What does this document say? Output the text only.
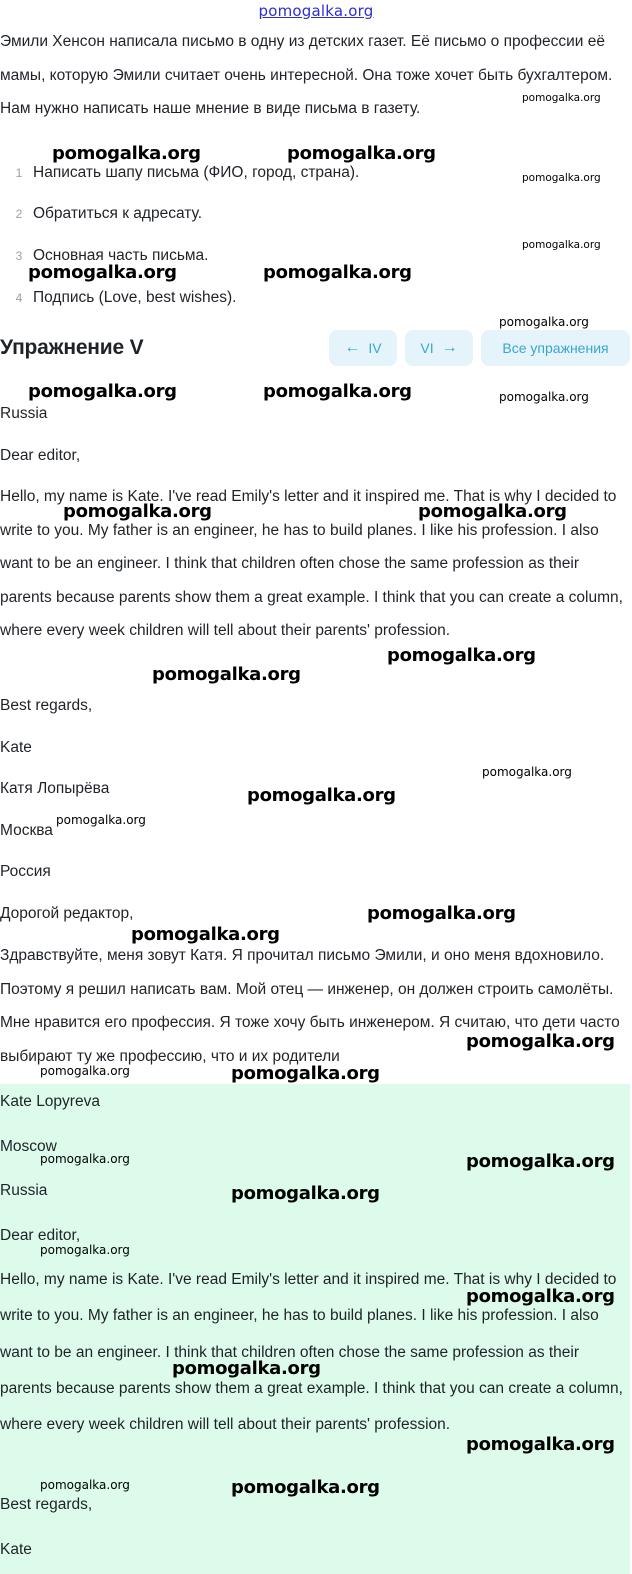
pomogalka.org

Эмили Хенсон написала письмо в одну из детских газет. Её письмо о профессии её мамы, которую Эмили считает очень интересной. Она тоже хочет быть бухгалтером. Нам нужно написать наше мнение в виде письма в газету.

1 Написать шапу письма (ФИО, город, страна).
2 Обратиться к адресату.
3 Основная часть письма.
4 Подпись (Love, best wishes).
Упражнение V	← IV	VI →	Все упражнения
Russia
Dear editor,

Hello, my name is Kate. I've read Emily's letter and it inspired me. That is why I decided to write to you. My father is an engineer, he has to build planes. I like his profession. I also want to be an engineer. I think that children often chose the same profession as their parents because parents show them a great example. I think that you can create a column, where every week children will tell about their parents' profession.

Best regards,
Kate
Катя Лопырёва
Москва
Россия
Дорогой редактор,

Здравствуйте, меня зовут Катя. Я прочитал письмо Эмили, и оно меня вдохновило. Поэтому я решил написать вам. Мой отец — инженер, он должен строить самолёты. Мне нравится его профессия. Я тоже хочу быть инженером. Я считаю, что дети часто выбирают ту же профессию, что и их родители

Kate Lopyreva
Moscow
Russia
Dear editor,

Hello, my name is Kate. I've read Emily's letter and it inspired me. That is why I decided to write to you. My father is an engineer, he has to build planes. I like his profession. I also want to be an engineer. I think that children often chose the same profession as their parents because parents show them a great example. I think that you can create a column, where every week children will tell about their parents' profession.

Best regards,
Kate
pomogalka.org	pomogalka.org
pomogalka.org
pomogalka.org
pomogalka.org
pomogalka.org	pomogalka.org
pomogalka.org
pomogalka.org	pomogalka.org	pomogalka.org
pomogalka.org	pomogalka.org
pomogalka.org
pomogalka.org
pomogalka.org
pomogalka.org
pomogalka.org
pomogalka.org
pomogalka.org
pomogalka.org
pomogalka.org	pomogalka.org
pomogalka.org	pomogalka.org
pomogalka.org
pomogalka.org
pomogalka.org
pomogalka.org
pomogalka.org
pomogalka.org	pomogalka.org
